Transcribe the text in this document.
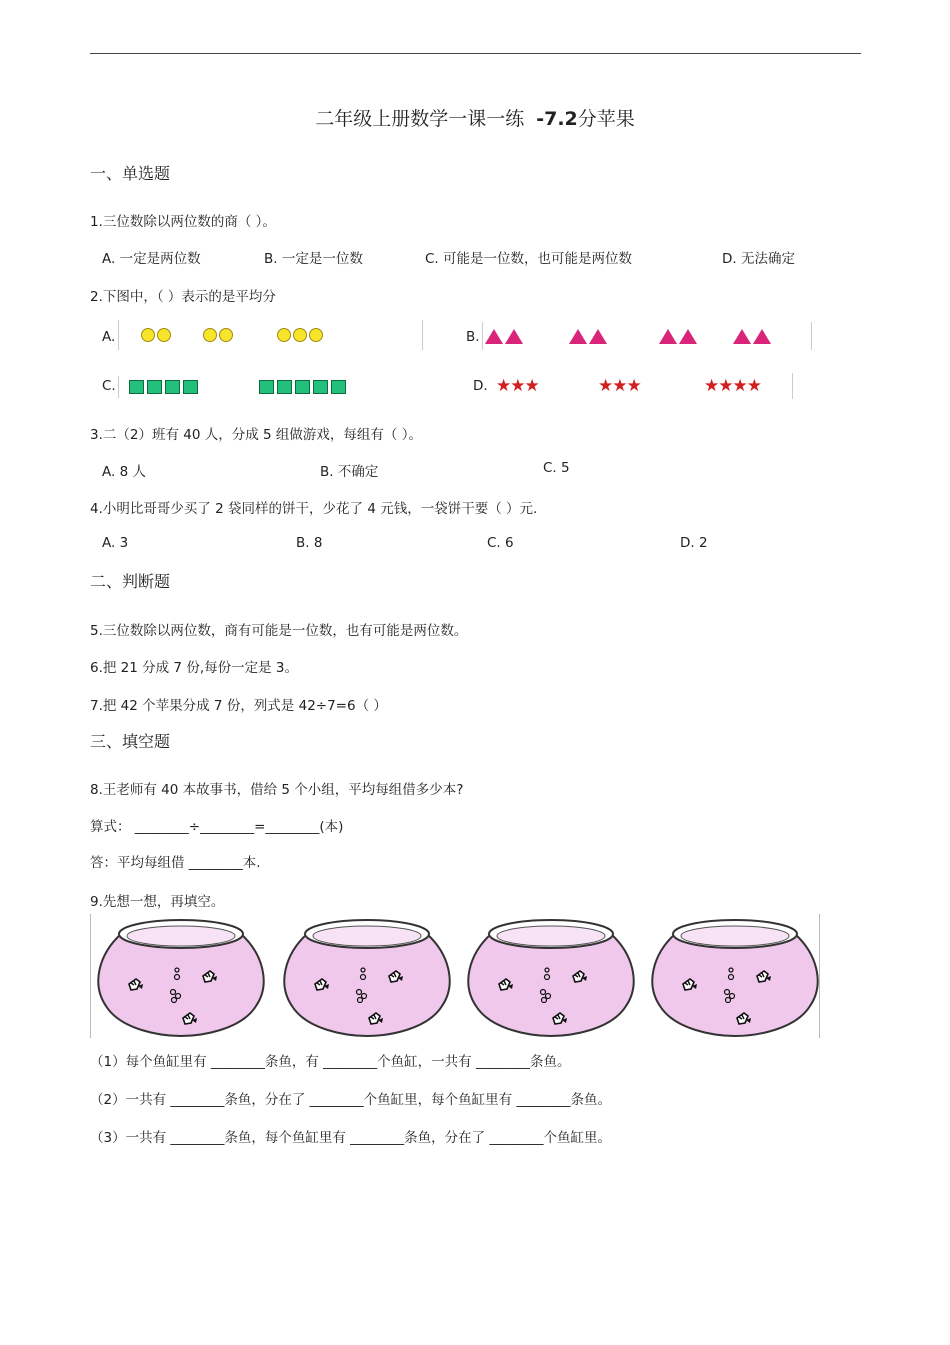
二年级上册数学一课一练 -7.2分苹果
一、单选题
1.三位数除以两位数的商（ ）。
A. 一定是两位数	B. 一定是一位数	C. 可能是一位数，也可能是两位数	D. 无法确定
2.下图中，（ ）表示的是平均分
A.	B.
C.	D. ★ ★ ★	★ ★ ★	★ ★ ★ ★
3.二（2）班有 40 人，分成 5 组做游戏，每组有（ ）。
A. 8 人	B. 不确定	C. 5
4.小明比哥哥少买了 2 袋同样的饼干，少花了 4 元钱，一袋饼干要（ ）元.
A. 3	B. 8	C. 6	D. 2
二、判断题
5.三位数除以两位数，商有可能是一位数，也有可能是两位数。
6.把 21 分成 7 份,每份一定是 3。
7.把 42 个苹果分成 7 份，列式是 42÷7=6（ ）
三、填空题
8.王老师有 40 本故事书，借给 5 个小组，平均每组借多少本?
算式： ________÷________=________(本)
答：平均每组借 ________本.
9.先想一想，再填空。
（1）每个鱼缸里有 ________条鱼，有 ________个鱼缸，一共有 ________条鱼。
（2）一共有 ________条鱼，分在了 ________个鱼缸里，每个鱼缸里有 ________条鱼。
（3）一共有 ________条鱼，每个鱼缸里有 ________条鱼，分在了 ________个鱼缸里。
